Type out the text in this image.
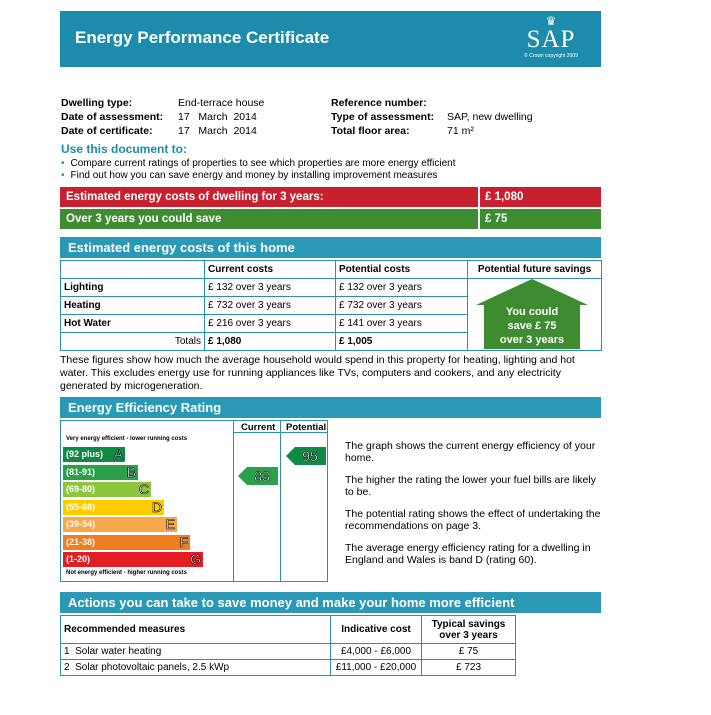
Energy Performance Certificate
♛
SAP
© Crown copyright 2009
Dwelling type:	End-terrace house
Date of assessment: 17   March  2014
Date of certificate: 17   March  2014
Reference number:
Type of assessment: SAP, new dwelling
Total floor area:	71 m²
Use this document to:
• Compare current ratings of properties to see which properties are more energy efficient
• Find out how you can save energy and money by installing improvement measures
Estimated energy costs of dwelling for 3 years:	£ 1,080
Over 3 years you could save	£ 75
Estimated energy costs of this home
	Current costs	Potential costs	Potential future savings
Lighting	£ 132 over 3 years	£ 132 over 3 years	
Heating	£ 732 over 3 years	£ 732 over 3 years	
Hot Water	£ 216 over 3 years	£ 141 over 3 years	
Totals	£ 1,080	£ 1,005	
You could
save £ 75
over 3 years
These figures show how much the average household would spend in this property for heating, lighting and hot water. This excludes energy use for running appliances like TVs, computers and cookers, and any electricity generated by microgeneration.
Energy Efficiency Rating
Current Potential
Very energy efficient - lower running costs
Not energy efficient - higher running costs
(92 plus) A
(81-91) B
(69-80)	C
(55-68)	D
(39-54)	E
(21-38)	F
(1-20)	G
83
95
The graph shows the current energy efficiency of your home.
The higher the rating the lower your fuel bills are likely to be.
The potential rating shows the effect of undertaking the recommendations on page 3.
The average energy efficiency rating for a dwelling in England and Wales is band D (rating 60).
Actions you can take to save money and make your home more efficient
Recommended measures	Indicative cost	Typical savings over 3 years
1 Solar water heating	£4,000 - £6,000	£ 75
2 Solar photovoltaic panels, 2.5 kWp	£11,000 - £20,000	£ 723
